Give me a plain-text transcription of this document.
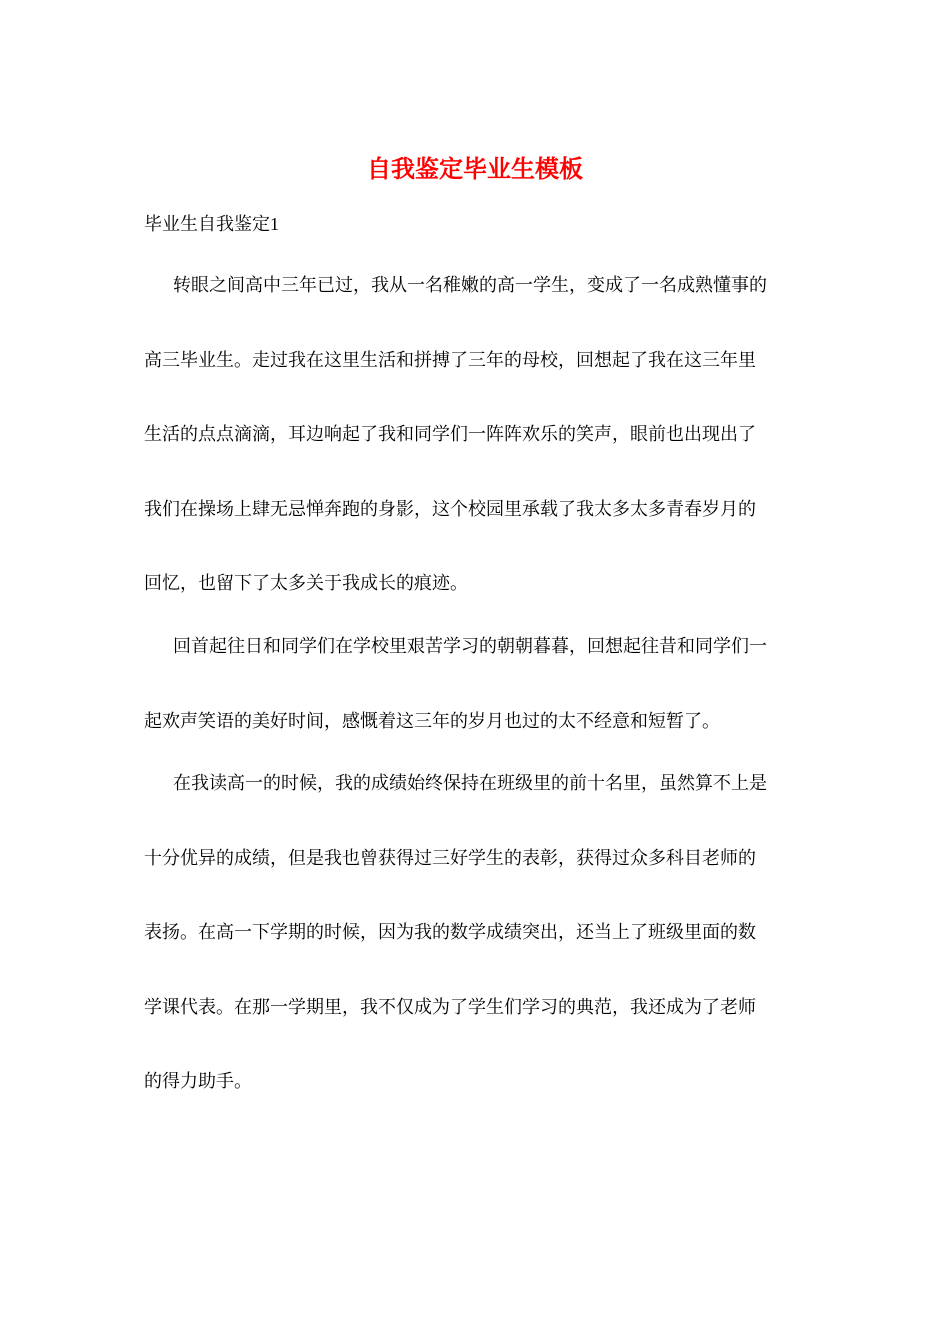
自我鉴定毕业生模板

毕业生自我鉴定1

转眼之间高中三年已过，我从一名稚嫩的高一学生，变成了一名成熟懂事的
高三毕业生。走过我在这里生活和拼搏了三年的母校，回想起了我在这三年里
生活的点点滴滴，耳边响起了我和同学们一阵阵欢乐的笑声，眼前也出现出了
我们在操场上肆无忌惮奔跑的身影，这个校园里承载了我太多太多青春岁月的
回忆，也留下了太多关于我成长的痕迹。

回首起往日和同学们在学校里艰苦学习的朝朝暮暮，回想起往昔和同学们一
起欢声笑语的美好时间，感慨着这三年的岁月也过的太不经意和短暂了。

在我读高一的时候，我的成绩始终保持在班级里的前十名里，虽然算不上是
十分优异的成绩，但是我也曾获得过三好学生的表彰，获得过众多科目老师的
表扬。在高一下学期的时候，因为我的数学成绩突出，还当上了班级里面的数
学课代表。在那一学期里，我不仅成为了学生们学习的典范，我还成为了老师
的得力助手。
